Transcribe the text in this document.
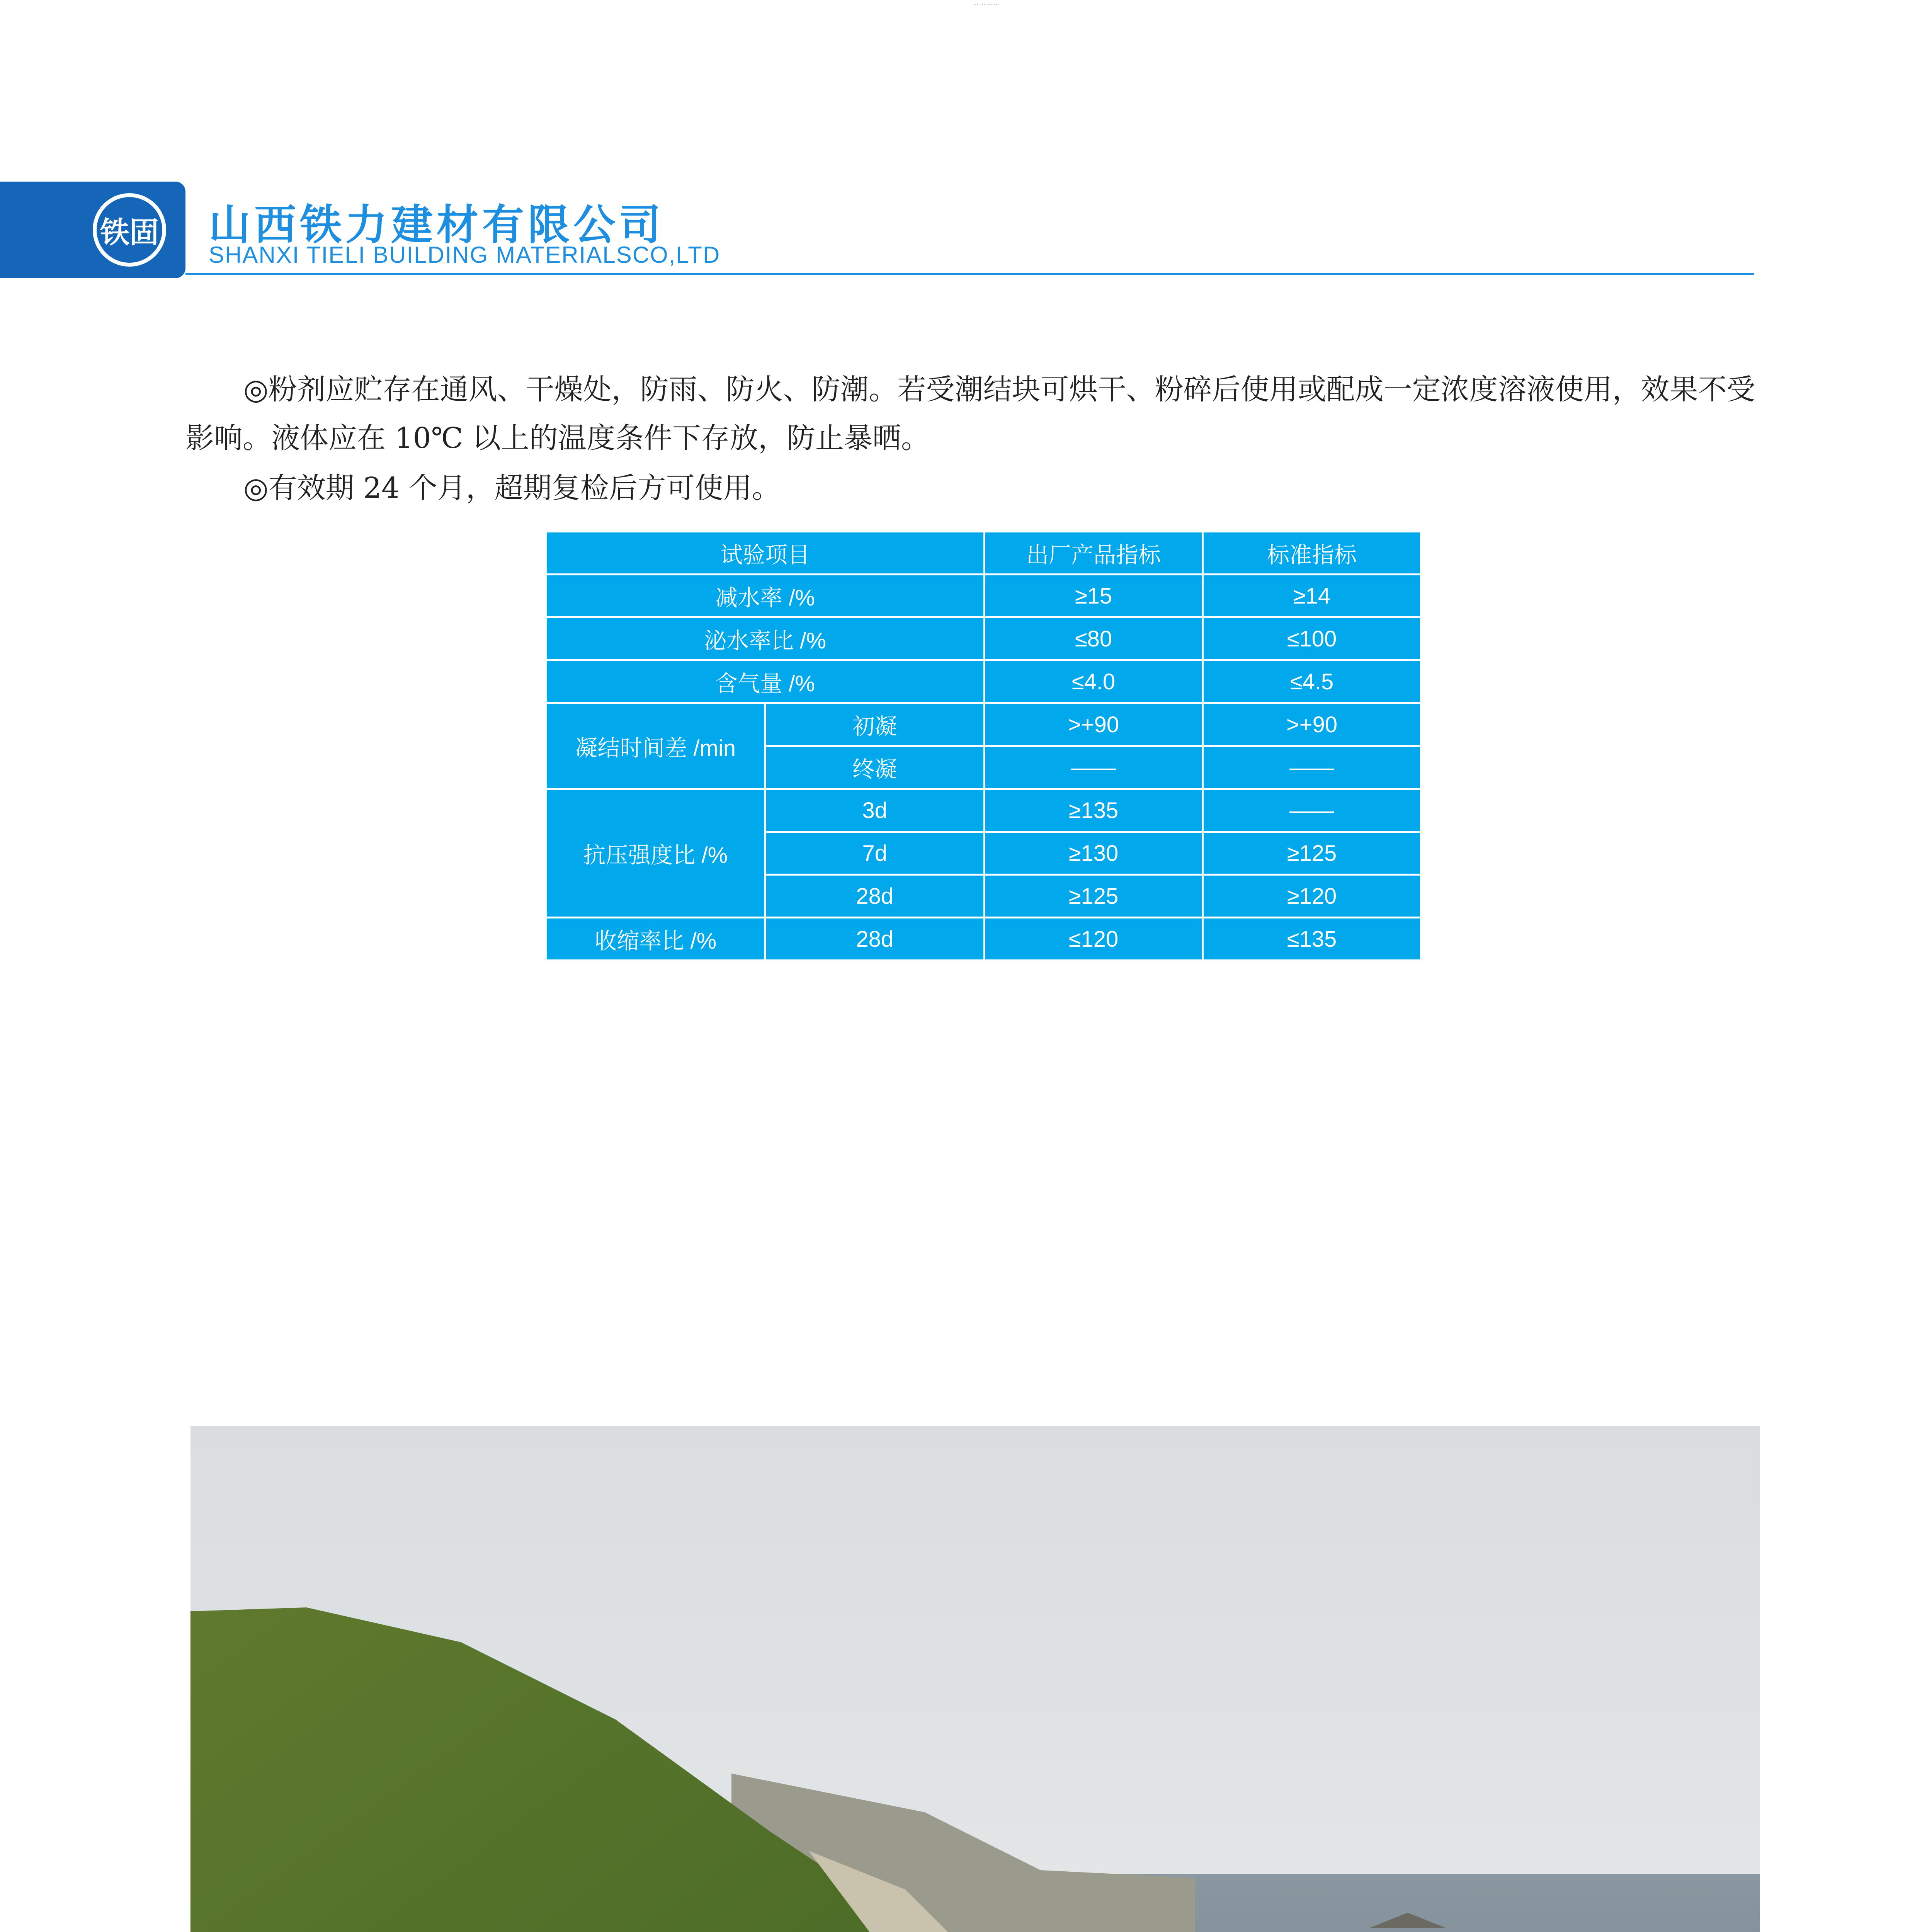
··· ··· ·······
铁固 山西铁力建材有限公司
SHANXI TIELI BUILDING MATERIALSCO,LTD

◎粉剂应贮存在通风、干燥处，防雨、防火、防潮。若受潮结块可烘干、粉碎后使用或配成一定浓度溶液使用，效果不受影响。液体应在 10℃ 以上的温度条件下存放，防止暴晒。

◎有效期 24 个月，超期复检后方可使用。

试验项目		出厂产品指标	标准指标
减水率 /%		≥15	≥14
泌水率比 /%		≤80	≤100
含气量 /%		≤4.0	≤4.5
凝结时间差 /min	初凝	>+90	>+90
	终凝	——	——
抗压强度比 /%	3d	≥135	——
	7d	≥130	≥125
	28d	≥125	≥120
收缩率比 /%	28d	≤120	≤135
